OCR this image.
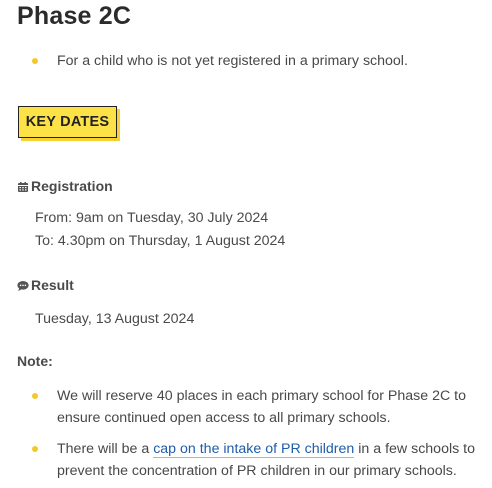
Phase 2C
For a child who is not yet registered in a primary school.
KEY DATES
Registration
From: 9am on Tuesday, 30 July 2024
To: 4.30pm on Thursday, 1 August 2024
Result
Tuesday, 13 August 2024
Note:
We will reserve 40 places in each primary school for Phase 2C to ensure continued open access to all primary schools.
There will be a cap on the intake of PR children in a few schools to prevent the concentration of PR children in our primary schools.
